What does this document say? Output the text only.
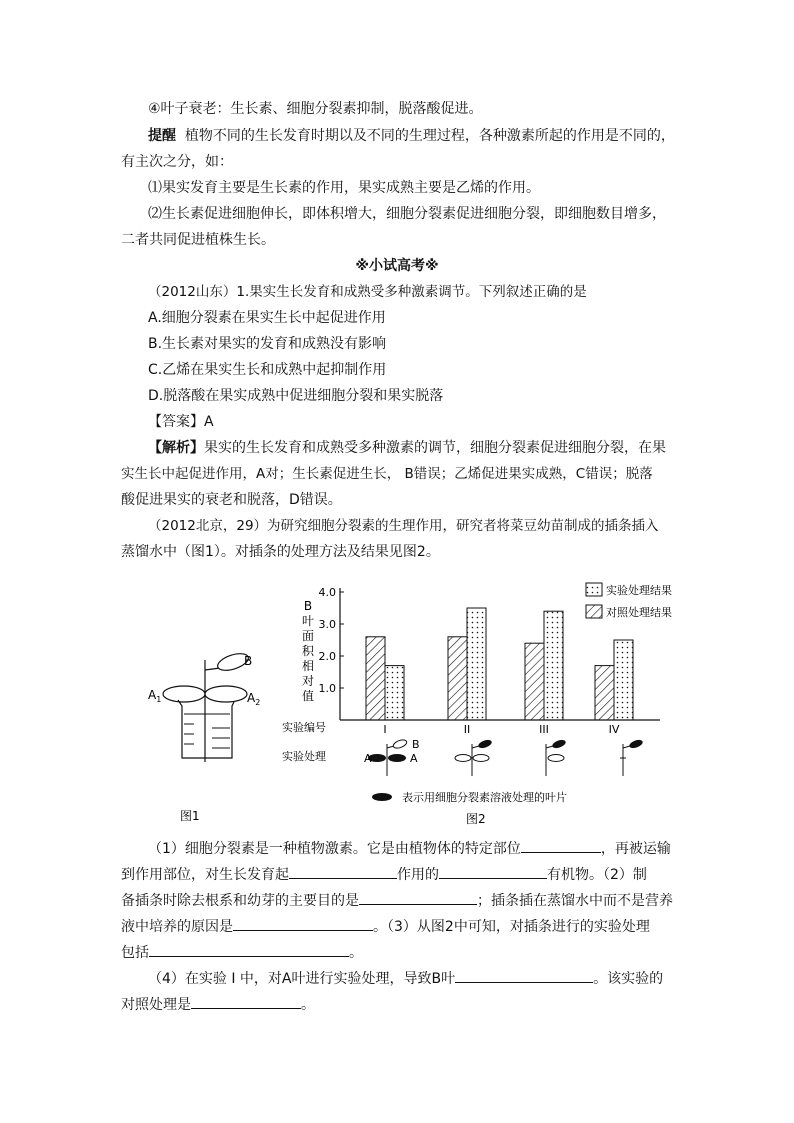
④叶子衰老：生长素、细胞分裂素抑制，脱落酸促进。
提醒 植物不同的生长发育时期以及不同的生理过程，各种激素所起的作用是不同的，
有主次之分，如：
⑴果实发育主要是生长素的作用，果实成熟主要是乙烯的作用。
⑵生长素促进细胞伸长，即体积增大，细胞分裂素促进细胞分裂，即细胞数目增多，
二者共同促进植株生长。
※小试高考※
（2012山东）1.果实生长发育和成熟受多种激素调节。下列叙述正确的是
A.细胞分裂素在果实生长中起促进作用
B.生长素对果实的发育和成熟没有影响
C.乙烯在果实生长和成熟中起抑制作用
D.脱落酸在果实成熟中促进细胞分裂和果实脱落
【答案】A
【解析】果实的生长发育和成熟受多种激素的调节，细胞分裂素促进细胞分裂，在果
实生长中起促进作用，A对；生长素促进生长， B错误；乙烯促进果实成熟，C错误；脱落
酸促进果实的衰老和脱落，D错误。
（2012北京，29）为研究细胞分裂素的生理作用，研究者将菜豆幼苗制成的插条插入
蒸馏水中（图1）。对插条的处理方法及结果见图2。
B
$A_1$	$A_2$
图1
B 叶面积相对值
1.0
2.0
3.0
4.0
I	II	III	IV
实验处理结果
对照处理结果
实验编号
实验处理
B
A	A
表示用细胞分裂素溶液处理的叶片
图2
（1）细胞分裂素是一种植物激素。它是由植物体的特定部位	，再被运输
到作用部位，对生长发育起	作用的	有机物。（2）制
备插条时除去根系和幼芽的主要目的是	；插条插在蒸馏水中而不是营养
液中培养的原因是	。（3）从图2中可知，对插条进行的实验处理
包括	。
（4）在实验 I 中，对A叶进行实验处理，导致B叶	。该实验的
对照处理是	。
